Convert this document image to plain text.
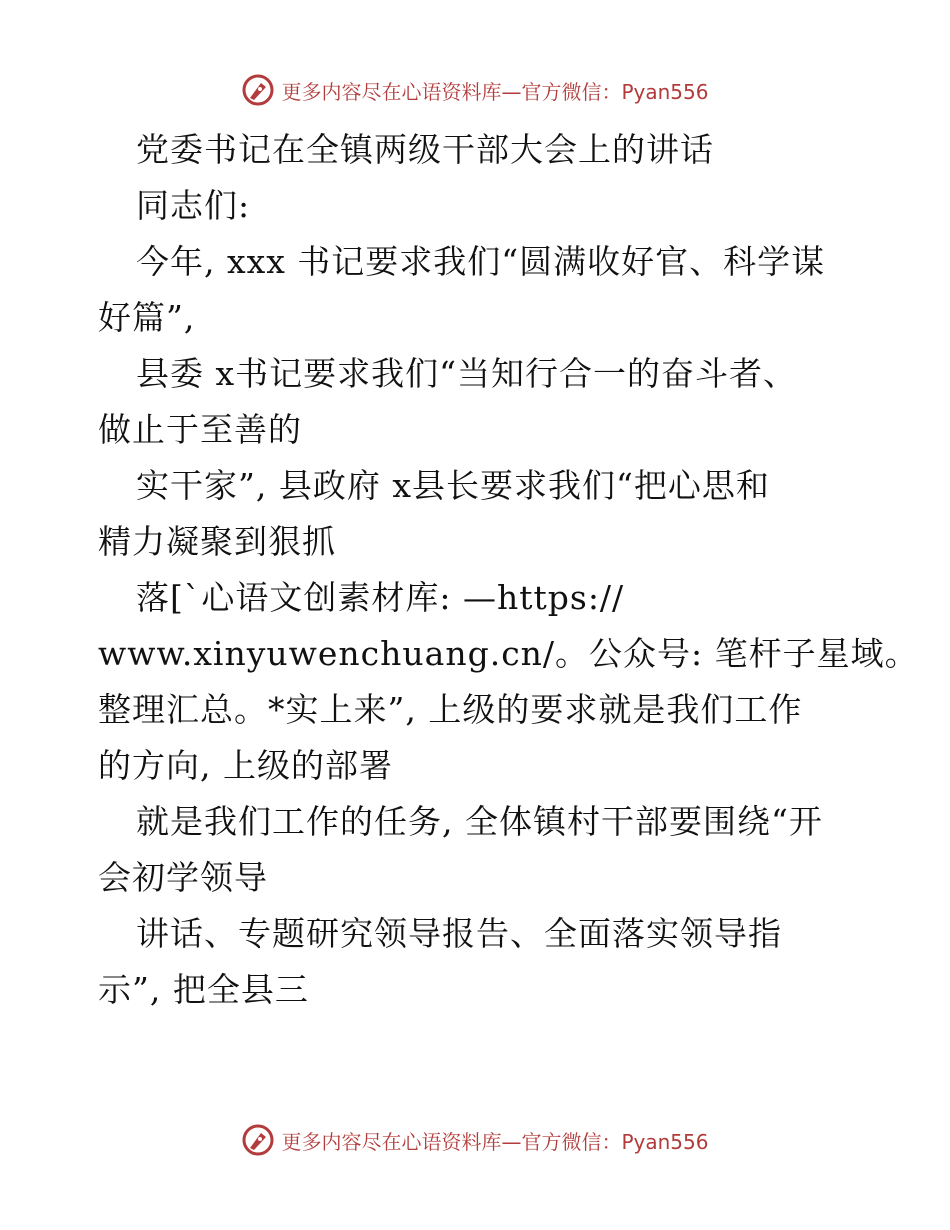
更多内容尽在心语资料库—官方微信：Pyan556
党委书记在全镇两级干部大会上的讲话
同志们:
今年, xxx 书记要求我们“圆满收好官、科学谋
好篇”,
县委 x书记要求我们“当知行合一的奋斗者、
做止于至善的
实干家”, 县政府 x县长要求我们“把心思和
精力凝聚到狠抓
落[`心语文创素材库: —https://
www.xinyuwenchuang.cn/。公众号: 笔杆子星域。
整理汇总。*实上来”, 上级的要求就是我们工作
的方向, 上级的部署
就是我们工作的任务, 全体镇村干部要围绕“开
会初学领导
讲话、专题研究领导报告、全面落实领导指
示”, 把全县三
更多内容尽在心语资料库—官方微信：Pyan556
